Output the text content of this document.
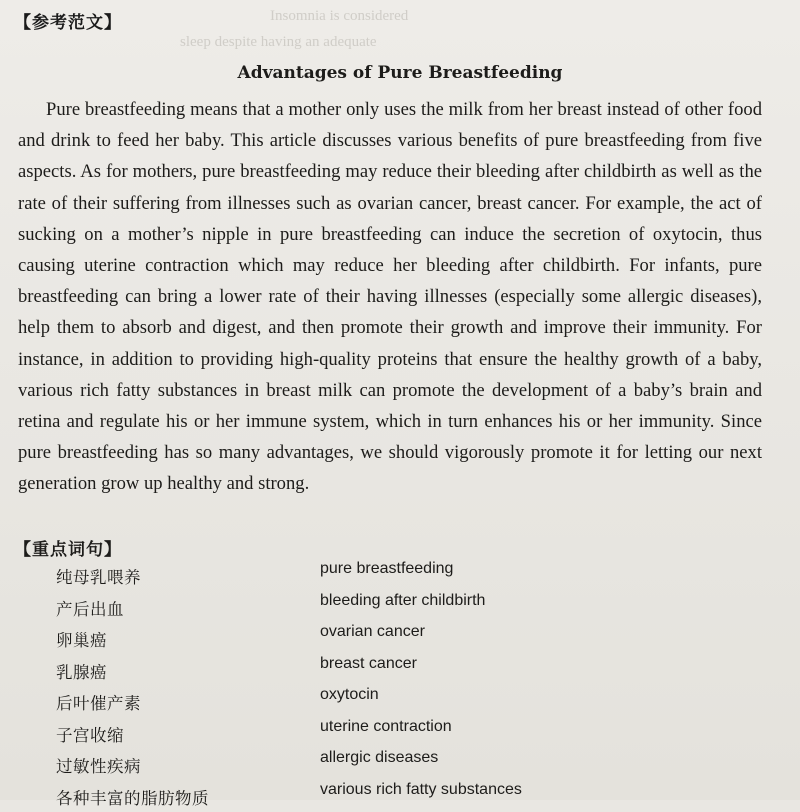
Insomnia is considered
sleep despite having an adequate
【参考范文】
Advantages of Pure Breastfeeding

Pure breastfeeding means that a mother only uses the milk from her breast instead of other food and drink to feed her baby. This article discusses various benefits of pure breastfeeding from five aspects. As for mothers, pure breastfeeding may reduce their bleeding after childbirth as well as the rate of their suffering from illnesses such as ovarian cancer, breast cancer. For example, the act of sucking on a mother’s nipple in pure breastfeeding can induce the secretion of oxytocin, thus causing uterine contraction which may reduce her bleeding after childbirth. For infants, pure breastfeeding can bring a lower rate of their having illnesses (especially some allergic diseases), help them to absorb and digest, and then promote their growth and improve their immunity. For instance, in addition to providing high-quality proteins that ensure the healthy growth of a baby, various rich fatty substances in breast milk can promote the development of a baby’s brain and retina and regulate his or her immune system, which in turn enhances his or her immunity. Since pure breastfeeding has so many advantages, we should vigorously promote it for letting our next generation grow up healthy and strong.

【重点词句】
纯母乳喂养	pure breastfeeding
产后出血	bleeding after childbirth
卵巢癌	ovarian cancer
乳腺癌	breast cancer
后叶催产素	oxytocin
子宫收缩	uterine contraction
过敏性疾病	allergic diseases
各种丰富的脂肪物质	various rich fatty substances
